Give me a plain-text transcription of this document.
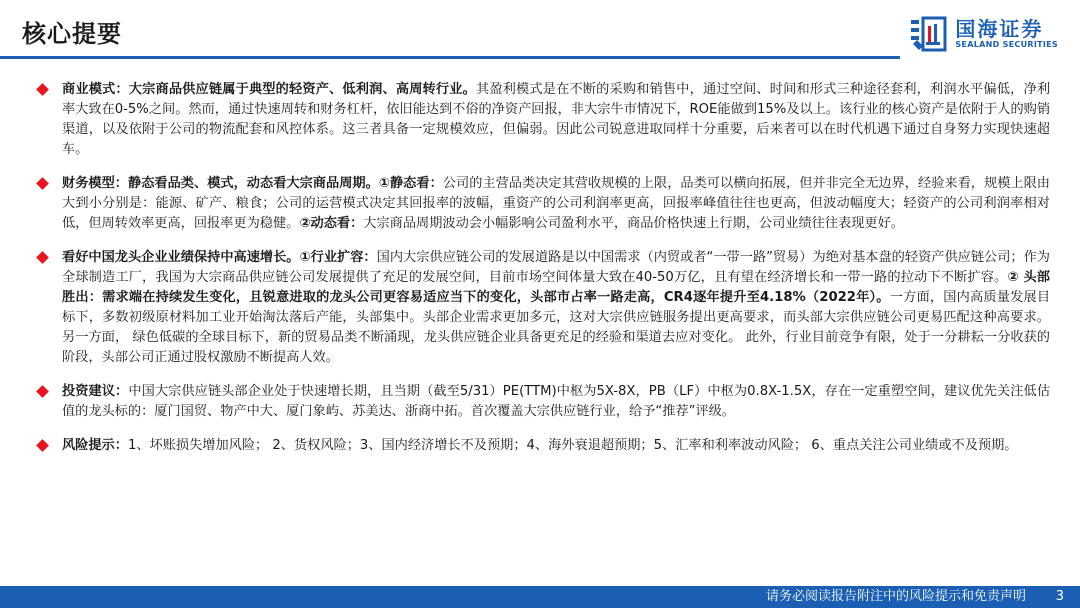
核心提要	国海证券
SEALAND SECURITIES

商业模式：大宗商品供应链属于典型的轻资产、低利润、高周转行业。其盈利模式是在不断的采购和销售中，通过空间、时间和形式三种途径套利，利润水平偏低，净利率大致在0-5%之间。然而，通过快速周转和财务杠杆，依旧能达到不俗的净资产回报，非大宗牛市情况下，ROE能做到15%及以上。该行业的核心资产是依附于人的购销渠道，以及依附于公司的物流配套和风控体系。这三者具备一定规模效应，但偏弱。因此公司锐意进取同样十分重要，后来者可以在时代机遇下通过自身努力实现快速超车。

财务模型：静态看品类、模式，动态看大宗商品周期。①静态看：公司的主营品类决定其营收规模的上限，品类可以横向拓展，但并非完全无边界，经验来看，规模上限由大到小分别是：能源、矿产、粮食；公司的运营模式决定其回报率的波幅，重资产的公司利润率更高，回报率峰值往往也更高，但波动幅度大；轻资产的公司利润率相对低，但周转效率更高，回报率更为稳健。②动态看：大宗商品周期波动会小幅影响公司盈利水平，商品价格快速上行期，公司业绩往往表现更好。

看好中国龙头企业业绩保持中高速增长。①行业扩容：国内大宗供应链公司的发展道路是以中国需求（内贸或者“一带一路”贸易）为绝对基本盘的轻资产供应链公司；作为全球制造工厂，我国为大宗商品供应链公司发展提供了充足的发展空间，目前市场空间体量大致在40-50万亿，且有望在经济增长和一带一路的拉动下不断扩容。② 头部胜出：需求端在持续发生变化，且锐意进取的龙头公司更容易适应当下的变化，头部市占率一路走高，CR4逐年提升至4.18%（2022年）。一方面，国内高质量发展目标下，多数初级原材料加工业开始淘汰落后产能，头部集中。头部企业需求更加多元，这对大宗供应链服务提出更高要求，而头部大宗供应链公司更易匹配这种高要求。另一方面， 绿色低碳的全球目标下，新的贸易品类不断涌现，龙头供应链企业具备更充足的经验和渠道去应对变化。 此外，行业目前竞争有限，处于一分耕耘一分收获的阶段，头部公司正通过股权激励不断提高人效。

投资建议：中国大宗供应链头部企业处于快速增长期，且当期（截至5/31）PE(TTM)中枢为5X-8X，PB（LF）中枢为0.8X-1.5X，存在一定重塑空间，建议优先关注低估值的龙头标的：厦门国贸、物产中大、厦门象屿、苏美达、浙商中拓。首次覆盖大宗供应链行业，给予“推荐”评级。

风险提示：1、坏账损失增加风险； 2、货权风险；3、国内经济增长不及预期；4、海外衰退超预期；5、汇率和利率波动风险； 6、重点关注公司业绩或不及预期。

请务必阅读报告附注中的风险提示和免责声明 3
